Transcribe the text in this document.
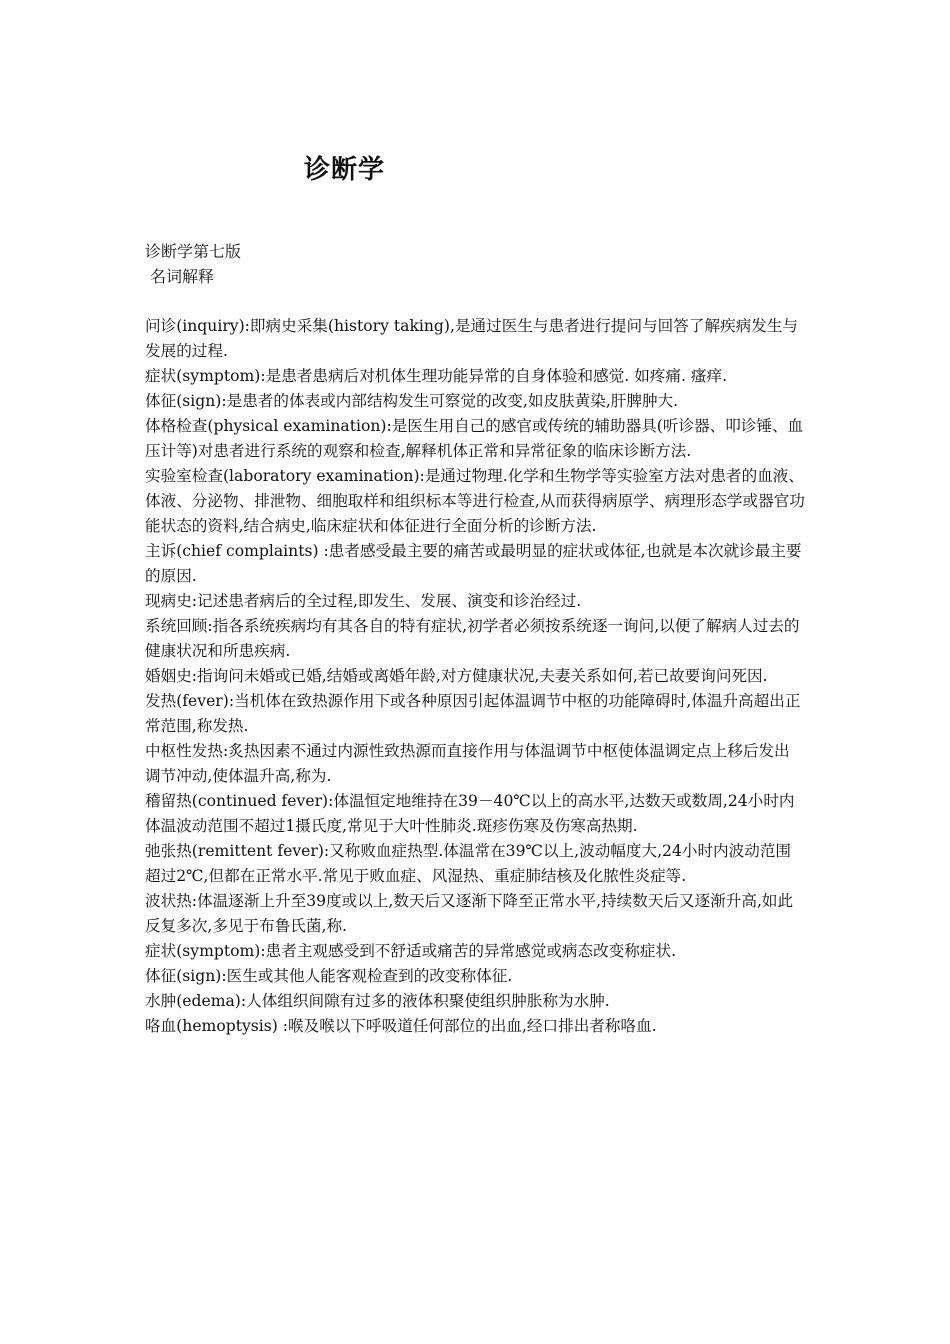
诊断学

诊断学第七版

名词解释

问诊(inquiry):即病史采集(history taking),是通过医生与患者进行提问与回答了解疾病发生与发展的过程.

症状(symptom):是患者患病后对机体生理功能异常的自身体验和感觉. 如疼痛. 瘙痒.

体征(sign):是患者的体表或内部结构发生可察觉的改变,如皮肤黄染,肝脾肿大.

体格检查(physical examination):是医生用自己的感官或传统的辅助器具(听诊器、叩诊锤、血压计等)对患者进行系统的观察和检查,解释机体正常和异常征象的临床诊断方法.

实验室检查(laboratory examination):是通过物理.化学和生物学等实验室方法对患者的血液、体液、分泌物、排泄物、细胞取样和组织标本等进行检查,从而获得病原学、病理形态学或器官功能状态的资料,结合病史,临床症状和体征进行全面分析的诊断方法.

主诉(chief complaints) :患者感受最主要的痛苦或最明显的症状或体征,也就是本次就诊最主要的原因.

现病史:记述患者病后的全过程,即发生、发展、演变和诊治经过.

系统回顾:指各系统疾病均有其各自的特有症状,初学者必须按系统逐一询问,以便了解病人过去的健康状况和所患疾病.

婚姻史:指询问未婚或已婚,结婚或离婚年龄,对方健康状况,夫妻关系如何,若已故要询问死因.

发热(fever):当机体在致热源作用下或各种原因引起体温调节中枢的功能障碍时,体温升高超出正常范围,称发热.

中枢性发热:炙热因素不通过内源性致热源而直接作用与体温调节中枢使体温调定点上移后发出调节冲动,使体温升高,称为.

稽留热(continued fever):体温恒定地维持在39－40℃以上的高水平,达数天或数周,24小时内体温波动范围不超过1摄氏度,常见于大叶性肺炎.斑疹伤寒及伤寒高热期.

弛张热(remittent fever):又称败血症热型.体温常在39℃以上,波动幅度大,24小时内波动范围超过2℃,但都在正常水平.常见于败血症、风湿热、重症肺结核及化脓性炎症等.

波状热:体温逐渐上升至39度或以上,数天后又逐渐下降至正常水平,持续数天后又逐渐升高,如此反复多次,多见于布鲁氏菌,称.

症状(symptom):患者主观感受到不舒适或痛苦的异常感觉或病态改变称症状.

体征(sign):医生或其他人能客观检查到的改变称体征.

水肿(edema):人体组织间隙有过多的液体积聚使组织肿胀称为水肿.

咯血(hemoptysis) :喉及喉以下呼吸道任何部位的出血,经口排出者称咯血.
